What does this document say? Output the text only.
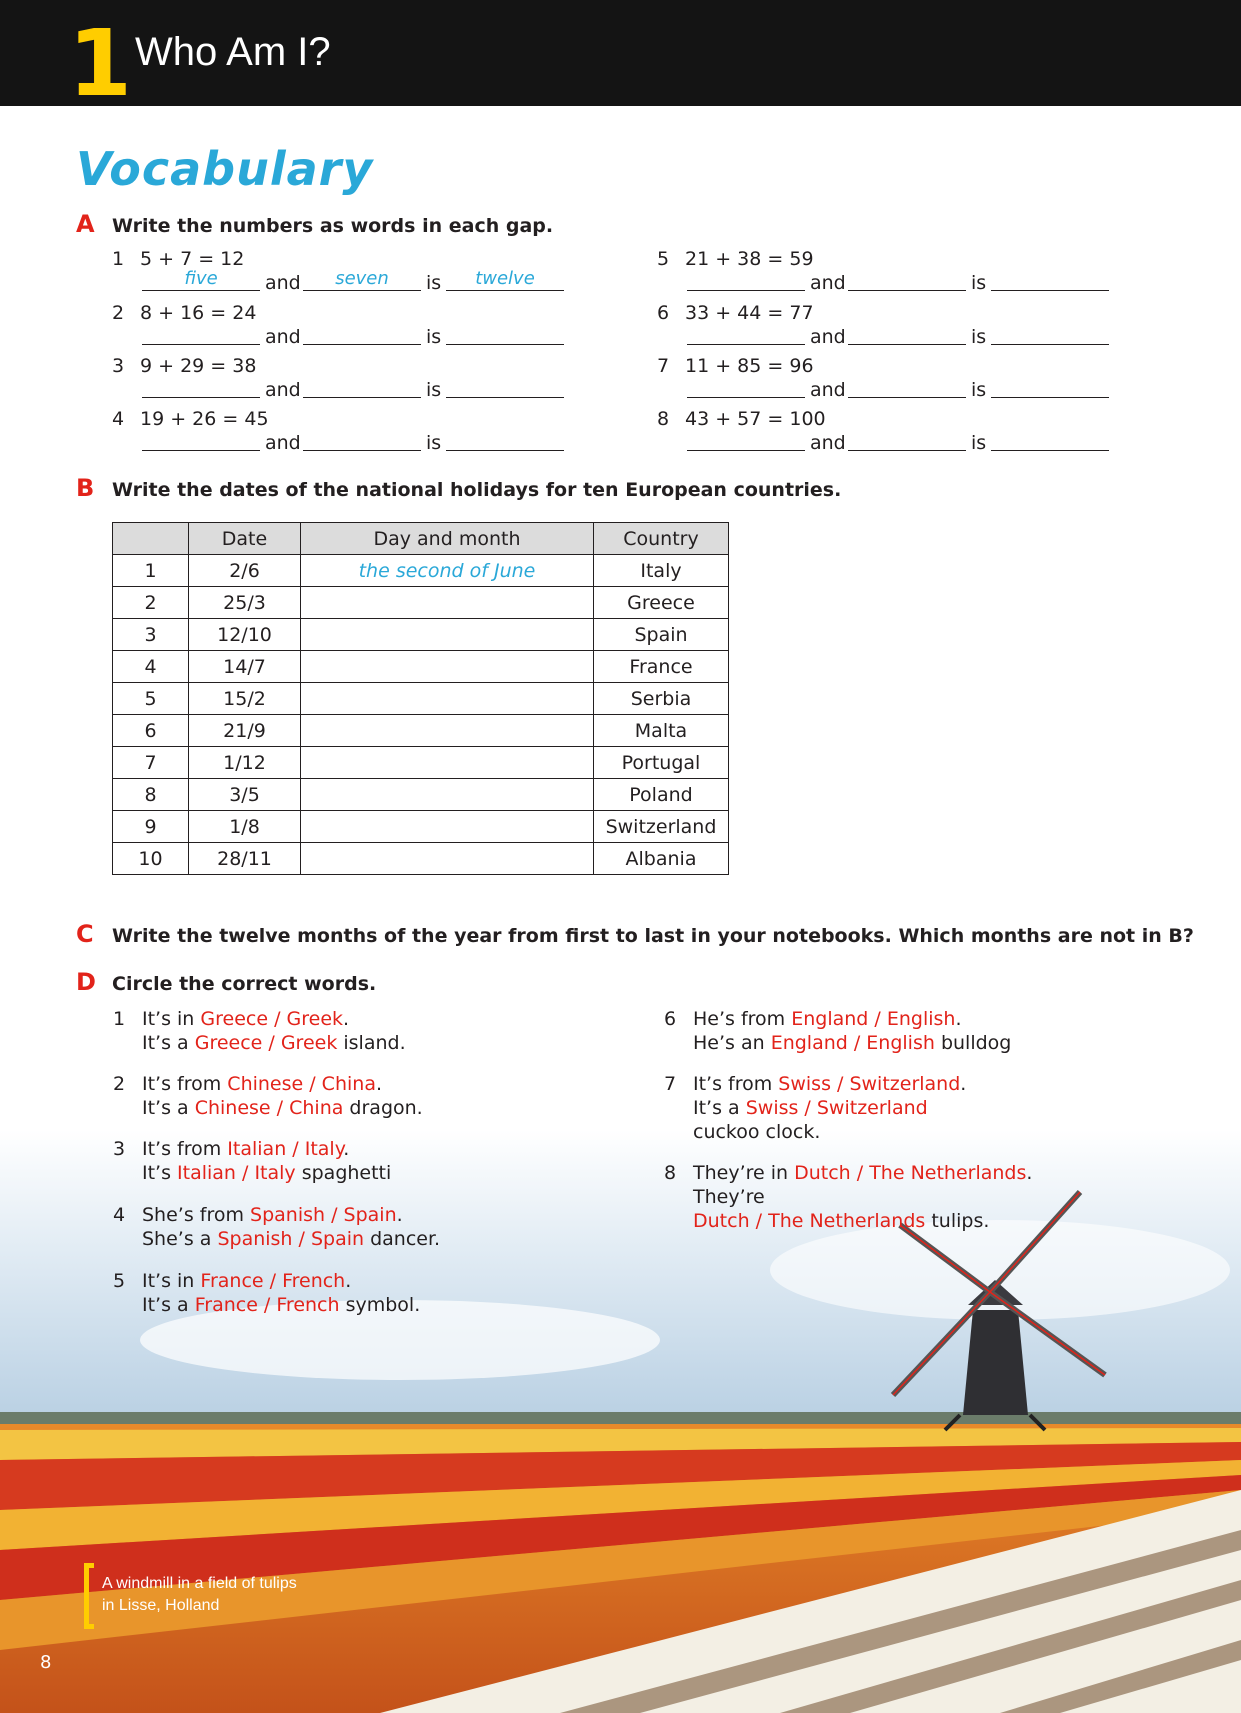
1 Who Am I?
Vocabulary
A Write the numbers as words in each gap.
1 5 + 7 = 12
five	and	seven	is	twelve
2 8 + 16 = 24
and	is
3 9 + 29 = 38
and	is
4 19 + 26 = 45
and	is
5 21 + 38 = 59
and	is
6 33 + 44 = 77
and	is
7 11 + 85 = 96
and	is
8 43 + 57 = 100
and	is
B Write the dates of the national holidays for ten European countries.
	Date	Day and month	Country
1	2/6	the second of June	Italy
2	25/3		Greece
3	12/10		Spain
4	14/7		France
5	15/2		Serbia
6	21/9		Malta
7	1/12		Portugal
8	3/5		Poland
9	1/8		Switzerland
10	28/11		Albania
C Write the twelve months of the year from first to last in your notebooks. Which months are not in B?
D Circle the correct words.
1 It’s in Greece / Greek.
It’s a Greece / Greek island.
2 It’s from Chinese / China.
It’s a Chinese / China dragon.
3 It’s from Italian / Italy.
It’s Italian / Italy spaghetti
4 She’s from Spanish / Spain.
She’s a Spanish / Spain dancer.
5 It’s in France / French.
It’s a France / French symbol.
6 He’s from England / English.
He’s an England / English bulldog
7 It’s from Swiss / Switzerland.
It’s a Swiss / Switzerland
cuckoo clock.
8 They’re in Dutch / The Netherlands. They’re
Dutch / The Netherlands tulips.
A windmill in a field of tulips
in Lisse, Holland
8
